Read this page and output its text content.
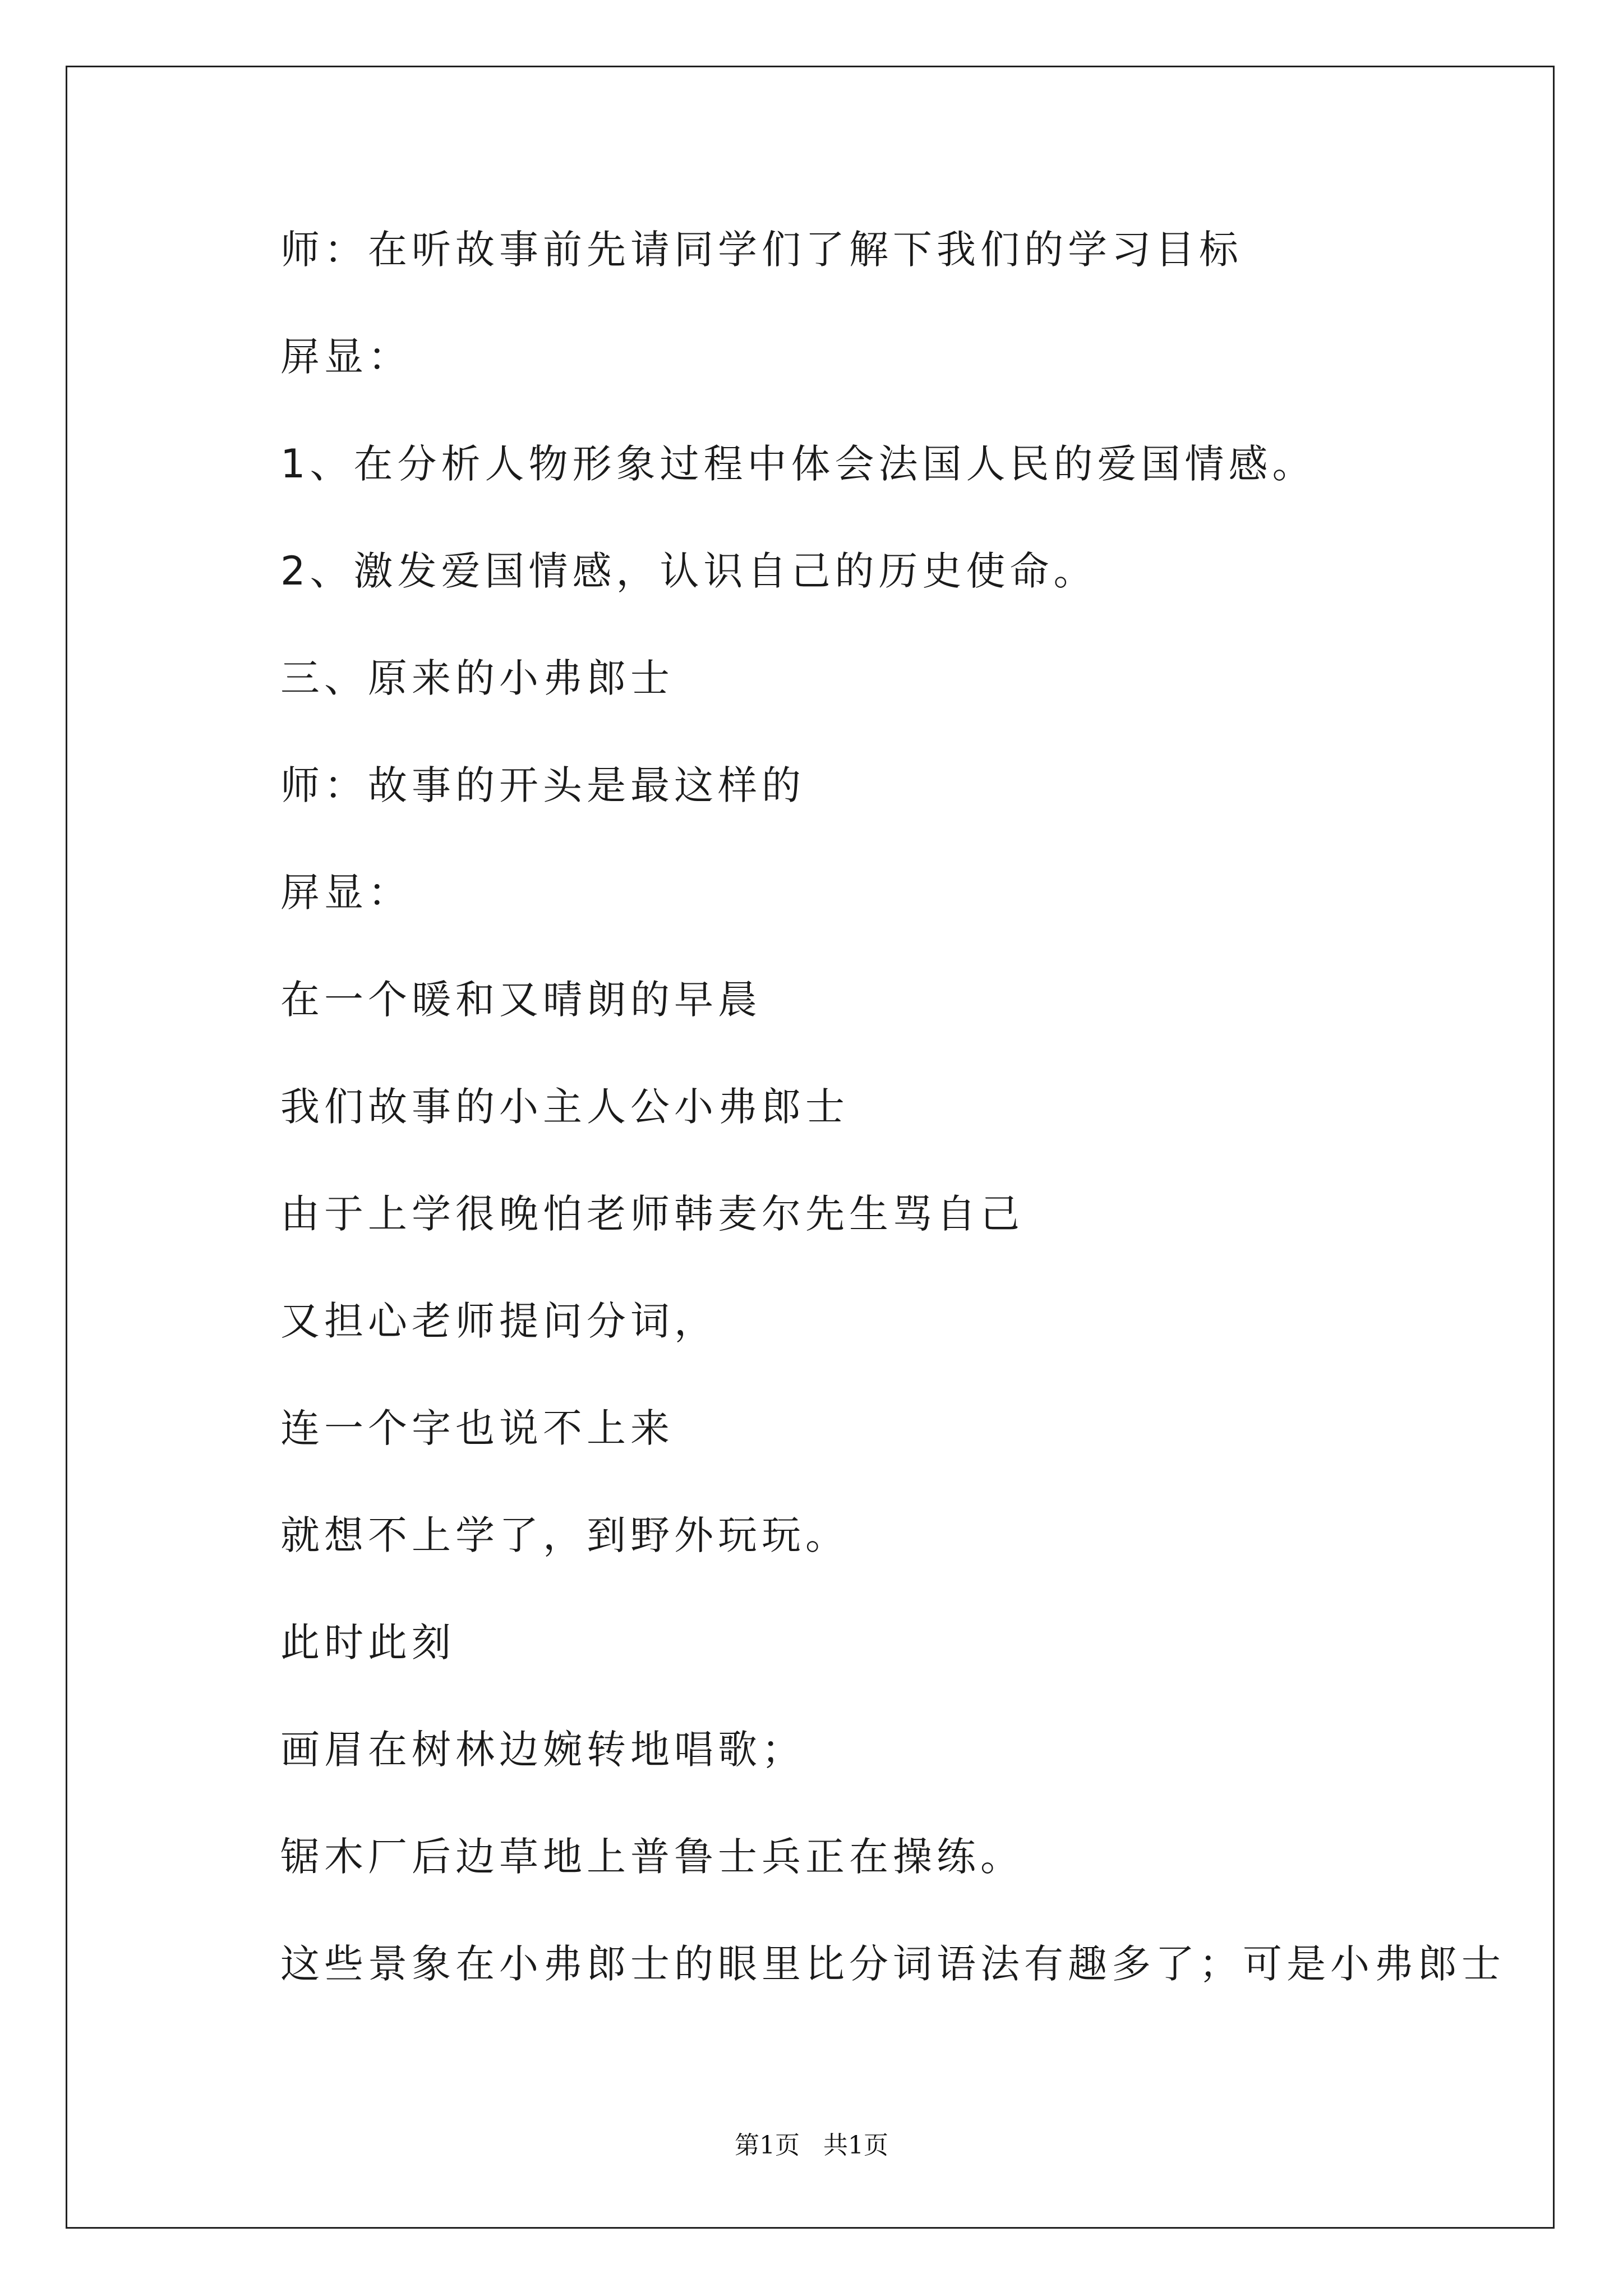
师：在听故事前先请同学们了解下我们的学习目标
屏显：
1、在分析人物形象过程中体会法国人民的爱国情感。
2、激发爱国情感，认识自己的历史使命。
三、原来的小弗郎士
师：故事的开头是最这样的
屏显：
在一个暖和又晴朗的早晨
我们故事的小主人公小弗郎士
由于上学很晚怕老师韩麦尔先生骂自己
又担心老师提问分词，
连一个字也说不上来
就想不上学了，到野外玩玩。
此时此刻
画眉在树林边婉转地唱歌；
锯木厂后边草地上普鲁士兵正在操练。
这些景象在小弗郎士的眼里比分词语法有趣多了；可是小弗郎士
第1页 共1页
